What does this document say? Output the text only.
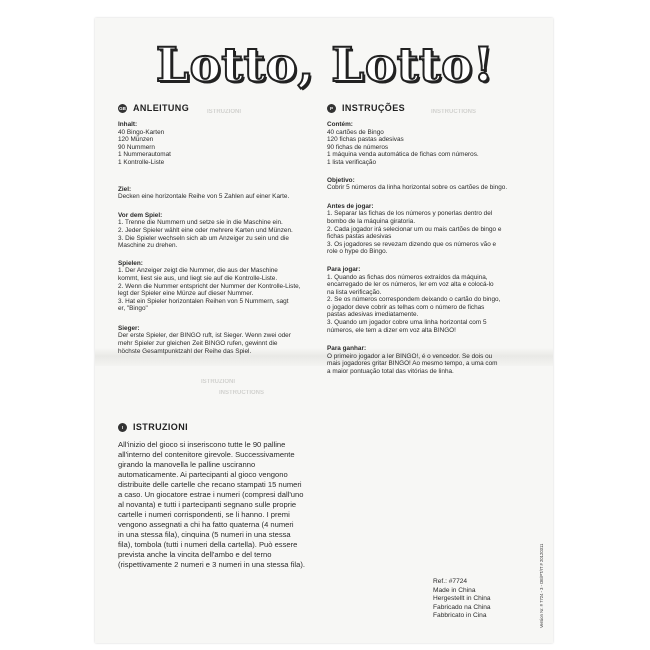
Lotto, Lotto!
ISTRUZIONI	INSTRUCTIONS
ISTRUZIONI
INSTRUCTIONS
GB ANLEITUNG
Inhalt:
40 Bingo-Karten
120 Münzen
90 Nummern
1 Nummerautomat
1 Kontrolle-Liste
Ziel:
Decken eine horizontale Reihe von 5 Zahlen auf einer Karte.
Vor dem Spiel:
1. Trenne die Nummern und setze sie in die Maschine ein.
2. Jeder Spieler wählt eine oder mehrere Karten und Münzen.
3. Die Spieler wechseln sich ab um Anzeiger zu sein und die
Maschine zu drehen.
Spielen:
1. Der Anzeiger zeigt die Nummer, die aus der Maschine
kommt, liest sie aus, und liegt sie auf die Kontrolle-Liste.
2. Wenn die Nummer entspricht der Nummer der Kontrolle-Liste,
legt der Spieler eine Münze auf dieser Nummer.
3. Hat ein Spieler horizontalen Reihen von 5 Nummern, sagt
er, "Bingo"
Sieger:
Der erste Spieler, der BINGO ruft, ist Sieger. Wenn zwei oder
mehr Spieler zur gleichen Zeit BINGO rufen, gewinnt die
höchste Gesamtpunktzahl der Reihe das Spiel.
P	INSTRUÇÕES
Contém:
40 cartões de Bingo
120 fichas pastas adesivas
90 fichas de números
1 máquina venda automática de fichas com números.
1 lista verificação
Objetivo:
Cobrir 5 números da linha horizontal sobre os cartões de bingo.
Antes de jogar:
1. Separar las fichas de los números y ponerlas dentro del
bombo de la máquina giratoria.
2. Cada jogador irá selecionar um ou mais cartões de bingo e
fichas pastas adesivas
3. Os jogadores se revezam dizendo que os números vão e
role o hype do Bingo.
Para jogar:
1. Quando as fichas dos números extraídos da máquina,
encarregado de ler os números, ler em voz alta e colocá-lo
na lista verificação.
2. Se os números correspondem deixando o cartão do bingo,
o jogador deve cobrir as telhas com o número de fichas
pastas adesivas imediatamente.
3. Quando um jogador cobre uma linha horizontal com 5
números, ele tem a dizer em voz alta BINGO!
Para ganhar:
O primeiro jogador a ler BINGO!, é o vencedor. Se dois ou
mais jogadores gritar BINGO! Ao mesmo tempo, a uma com
a maior pontuação total das vitórias de linha.
I	ISTRUZIONI
All'inizio del gioco si inseriscono tutte le 90 palline
all'interno del contenitore girevole. Successivamente
girando la manovella le palline usciranno
automaticamente. Ai partecipanti al gioco vengono
distribuite delle cartelle che recano stampati 15 numeri
a caso. Un giocatore estrae i numeri (compresi dall'uno
al novanta) e tutti i partecipanti segnano sulle proprie
cartelle i numeri corrispondenti, se li hanno. I premi
vengono assegnati a chi ha fatto quaterna (4 numeri
in una stessa fila), cinquina (5 numeri in una stessa
fila), tombola (tutti i numeri della cartella). Può essere
prevista anche la vincita dell'ambo e del terno
(rispettivamente 2 numeri e 3 numeri in una stessa fila).
Ref.: #7724
Made in China
Hergestellt in China
Fabricado na China
Fabbricato in Cina	Version Nr. # 7724 - 3 - DE/PT/IT # 20120311
